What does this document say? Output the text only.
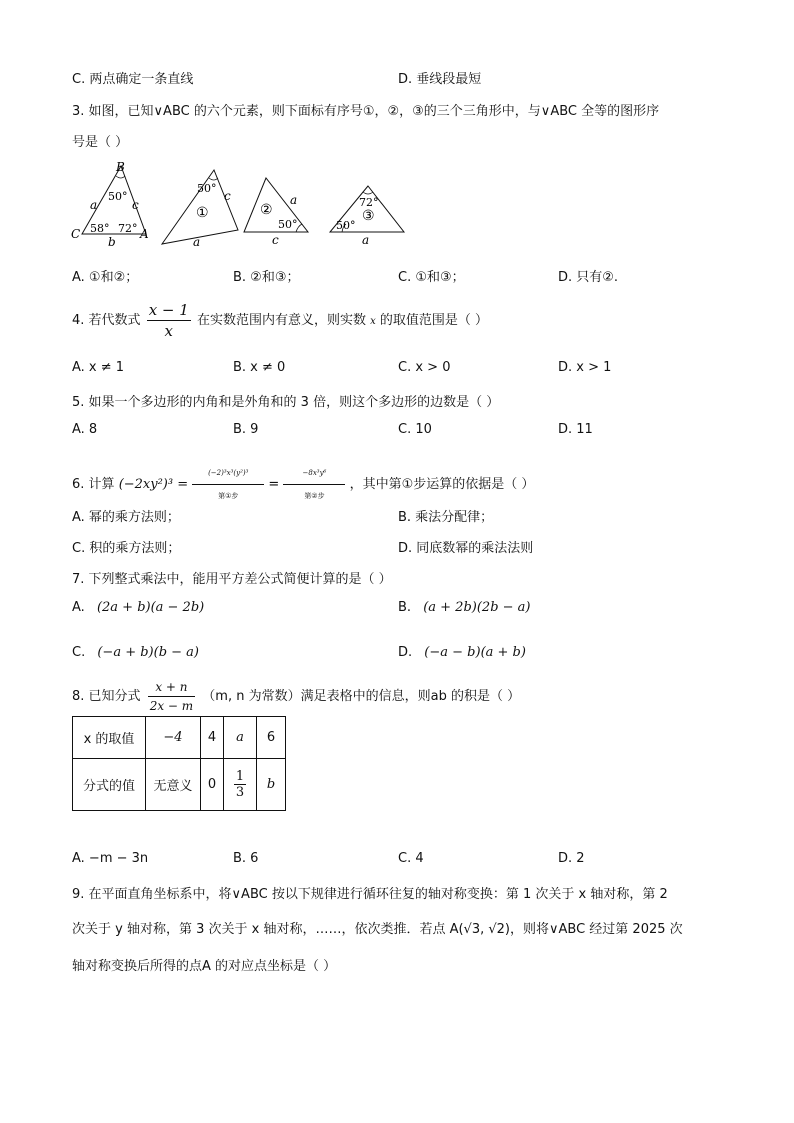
C. 两点确定一条直线	D. 垂线段最短
3. 如图，已知∨ABC 的六个元素，则下面标有序号①，②，③的三个三角形中，与∨ABC 全等的图形序
号是（ ）
B
C	A
a	c
b
50°
58° 72°
50°
①
c
a
②
a
50°
c
72°
③
50°
a
A. ①和②；	B. ②和③；	C. ①和③；	D. 只有②.
4. 若代数式 $\frac{x - 1}{x}$ 在实数范围内有意义，则实数 x 的取值范围是（ ）
A. x ≠ 1	B. x ≠ 0	C. x > 0	D. x > 1
5. 如果一个多边形的内角和是外角和的 3 倍，则这个多边形的边数是（ ）
A. 8	B. 9	C. 10	D. 11
6. 计算 (−2xy²)³ =
(−2)³x³(y²)³
第①步
=
−8x³y⁶
第②步
，其中第①步运算的依据是（ ）
A. 幂的乘方法则；	B. 乘法分配律；
C. 积的乘方法则；	D. 同底数幂的乘法法则
7. 下列整式乘法中，能用平方差公式简便计算的是（ ）
A. (2a + b)(a − 2b)	B. (a + 2b)(2b − a)
C. (−a + b)(b − a)	D. (−a − b)(a + b)
8. 已知分式 $\frac{x + n}{2x - m} (m$, n 为常数）满足表格中的信息，则ab 的积是（ ）
x 的取值	−4	4	a	6
分式的值	无意义	0	$\frac{1}{3}$	b
A. −m − 3n	B. 6	C. 4	D. 2
9. 在平面直角坐标系中，将∨ABC 按以下规律进行循环往复的轴对称变换：第 1 次关于 x 轴对称，第 2
次关于 y 轴对称，第 3 次关于 x 轴对称，……，依次类推．若点 A(√3, √2)，则将∨ABC 经过第 2025 次
轴对称变换后所得的点A 的对应点坐标是（ ）
